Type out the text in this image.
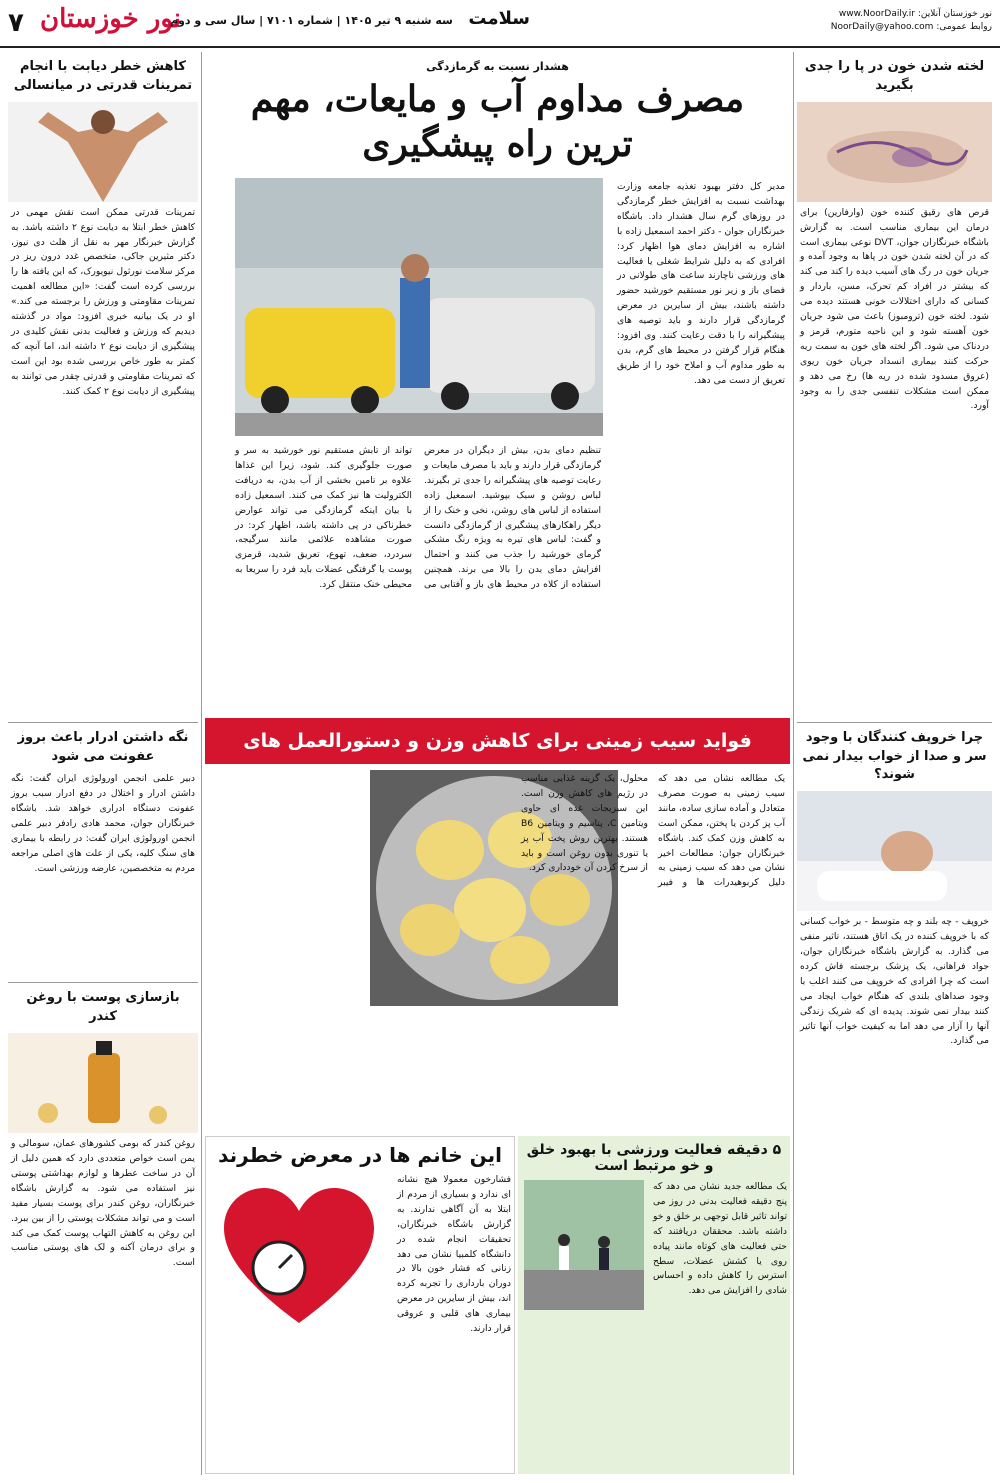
۷ نور خوزستان
سه شنبه ۹ تیر ۱۴۰۵ | شماره ۷۱۰۱ | سال سی و دوم سلامت	نور خوزستان آنلاین: www.NoorDaily.ir
روابط عمومی: NoorDaily@yahoo.com
لخته شدن خون در پا را جدی بگیرید
قرص های رقیق کننده خون (وارفارین) برای درمان این بیماری مناسب است. به گزارش باشگاه خبرنگاران جوان، DVT نوعی بیماری است که در آن لخته شدن خون در پاها به وجود آمده و جریان خون در رگ های آسیب دیده را کند می کند که بیشتر در افراد کم تحرک، مسن، باردار و کسانی که دارای اختلالات خونی هستند دیده می شود. لخته خون (ترومبوز) باعث می شود جریان خون آهسته شود و این ناحیه متورم، قرمز و دردناک می شود. اگر لخته های خون به سمت ریه حرکت کنند بیماری انسداد جریان خون ریوی (عروق مسدود شده در ریه ها) رخ می دهد و ممکن است مشکلات تنفسی جدی را به وجود آورد.
چرا خروپف کنندگان با وجود سر و صدا از خواب بیدار نمی شوند؟
خروپف - چه بلند و چه متوسط - بر خواب کسانی که با خروپف کننده در یک اتاق هستند، تاثیر منفی می گذارد. به گزارش باشگاه خبرنگاران جوان، جواد فراهانی، یک پزشک برجسته فاش کرده است که چرا افرادی که خروپف می کنند اغلب با وجود صداهای بلندی که هنگام خواب ایجاد می کنند بیدار نمی شوند. پدیده ای که شریک زندگی آنها را آزار می دهد اما به کیفیت خواب آنها تاثیر می گذارد.
کاهش خطر دیابت با انجام تمرینات قدرتی در میانسالی
تمرینات قدرتی ممکن است نقش مهمی در کاهش خطر ابتلا به دیابت نوع ۲ داشته باشد. به گزارش خبرنگار مهر به نقل از هلث دی نیوز، دکتر مثیرین جاکی، متخصص غدد درون ریز در مرکز سلامت نورثول نیویورک، که این یافته ها را بررسی کرده است گفت: «این مطالعه اهمیت تمرینات مقاومتی و ورزش را برجسته می کند.» او در یک بیانیه خبری افزود: مواد در گذشته دیدیم که ورزش و فعالیت بدنی نقش کلیدی در پیشگیری از دیابت نوع ۲ داشته اند، اما آنچه که کمتر به طور خاص بررسی شده بود این است که تمرینات مقاومتی و قدرتی چقدر می توانند به پیشگیری از دیابت نوع ۲ کمک کنند.
نگه داشتن ادرار باعث بروز عفونت می شود
دبیر علمی انجمن اورولوژی ایران گفت: نگه داشتن ادرار و اختلال در دفع ادرار سبب بروز عفونت دستگاه ادراری خواهد شد. باشگاه خبرنگاران جوان، محمد هادی رادفر دبیر علمی انجمن اورولوژی ایران گفت: در رابطه با بیماری های سنگ کلیه، یکی از علت های اصلی مراجعه مردم به متخصصین، عارضه ورزشی است.
بازسازی پوست با روغن کندر
روغن کندر که بومی کشورهای عمان، سومالی و یمن است خواص متعددی دارد که همین دلیل از آن در ساخت عطرها و لوازم بهداشتی پوستی نیز استفاده می شود. به گزارش باشگاه خبرنگاران، روغن کندر برای پوست بسیار مفید است و می تواند مشکلات پوستی را از بین ببرد. این روغن به کاهش التهاب پوست کمک می کند و برای درمان آکنه و لک های پوستی مناسب است.
هشدار نسبت به گرمازدگی
مصرف مداوم آب و مایعات، مهم ترین راه پیشگیری
مدیر کل دفتر بهبود تغذیه جامعه وزارت بهداشت نسبت به افزایش خطر گرمازدگی در روزهای گرم سال هشدار داد. باشگاه خبرنگاران جوان - دکتر احمد اسمعیل زاده با اشاره به افزایش دمای هوا اظهار کرد: افرادی که به دلیل شرایط شغلی یا فعالیت های ورزشی ناچارند ساعت های طولانی در فضای باز و زیر نور مستقیم خورشید حضور داشته باشند، بیش از سایرین در معرض گرمازدگی قرار دارند و باید توصیه های پیشگیرانه را با دقت رعایت کنند. وی افزود: هنگام قرار گرفتن در محیط های گرم، بدن به طور مداوم آب و املاح خود را از طریق تعریق از دست می دهد.
تنظیم دمای بدن، بیش از دیگران در معرض گرمازدگی قرار دارند و باید با مصرف مایعات و رعایت توصیه های پیشگیرانه را جدی تر بگیرند. لباس روشن و سبک بپوشید. اسمعیل زاده استفاده از لباس های روشن، نخی و خنک را از دیگر راهکارهای پیشگیری از گرمازدگی دانست و گفت: لباس های تیره به ویژه رنگ مشکی گرمای خورشید را جذب می کنند و احتمال افزایش دمای بدن را بالا می برند. همچنین استفاده از کلاه در محیط های باز و آفتابی می تواند از تابش مستقیم نور خورشید به سر و صورت جلوگیری کند. شود، زیرا این غذاها علاوه بر تامین بخشی از آب بدن، به دریافت الکترولیت ها نیز کمک می کنند. اسمعیل زاده با بیان اینکه گرمازدگی می تواند عوارض خطرناکی در پی داشته باشد، اظهار کرد: در صورت مشاهده علائمی مانند سرگیجه، سردرد، ضعف، تهوع، تعریق شدید، قرمزی پوست یا گرفتگی عضلات باید فرد را سریعا به محیطی خنک منتقل کرد.
فواید سیب زمینی برای کاهش وزن و دستورالعمل های
یک مطالعه نشان می دهد که سیب زمینی به صورت مصرف متعادل و آماده سازی ساده، مانند آب پز کردن یا پختن، ممکن است به کاهش وزن کمک کند. باشگاه خبرنگاران جوان: مطالعات اخیر نشان می دهد که سیب زمینی به دلیل کربوهیدرات ها و فیبر محلول، یک گزینه غذایی مناسب در رژیم های کاهش وزن است. این سبزیجات غده ای حاوی ویتامین C، پتاسیم و ویتامین B6 هستند. بهترین روش پخت آب پز یا تنوری بدون روغن است و باید از سرخ کردن آن خودداری کرد.
۵ دقیقه فعالیت ورزشی با بهبود خلق و خو مرتبط است
یک مطالعه جدید نشان می دهد که پنج دقیقه فعالیت بدنی در روز می تواند تاثیر قابل توجهی بر خلق و خو داشته باشد. محققان دریافتند که حتی فعالیت های کوتاه مانند پیاده روی یا کشش عضلات، سطح استرس را کاهش داده و احساس شادی را افزایش می دهد.
این خانم ها در معرض خطرند
فشارخون معمولا هیچ نشانه ای ندارد و بسیاری از مردم از ابتلا به آن آگاهی ندارند. به گزارش باشگاه خبرنگاران، تحقیقات انجام شده در دانشگاه کلمبیا نشان می دهد زنانی که فشار خون بالا در دوران بارداری را تجربه کرده اند، بیش از سایرین در معرض بیماری های قلبی و عروقی قرار دارند.
